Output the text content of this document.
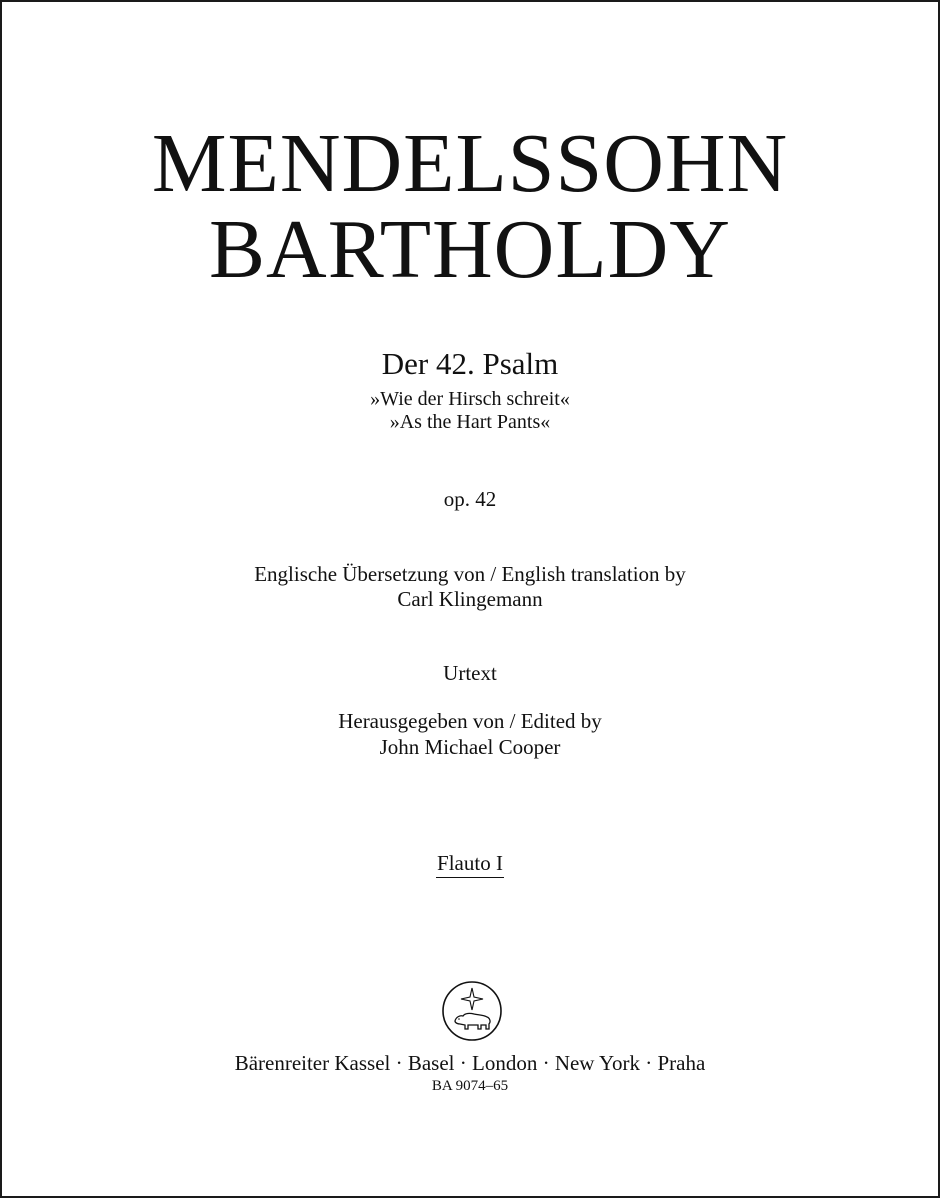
MENDELSSOHN
BARTHOLDY
Der 42. Psalm
»Wie der Hirsch schreit«
»As the Hart Pants«
op. 42
Englische Übersetzung von / English translation by
Carl Klingemann
Urtext
Herausgegeben von / Edited by
John Michael Cooper
Flauto I
Bärenreiter Kassel · Basel · London · New York · Praha
BA 9074–65
